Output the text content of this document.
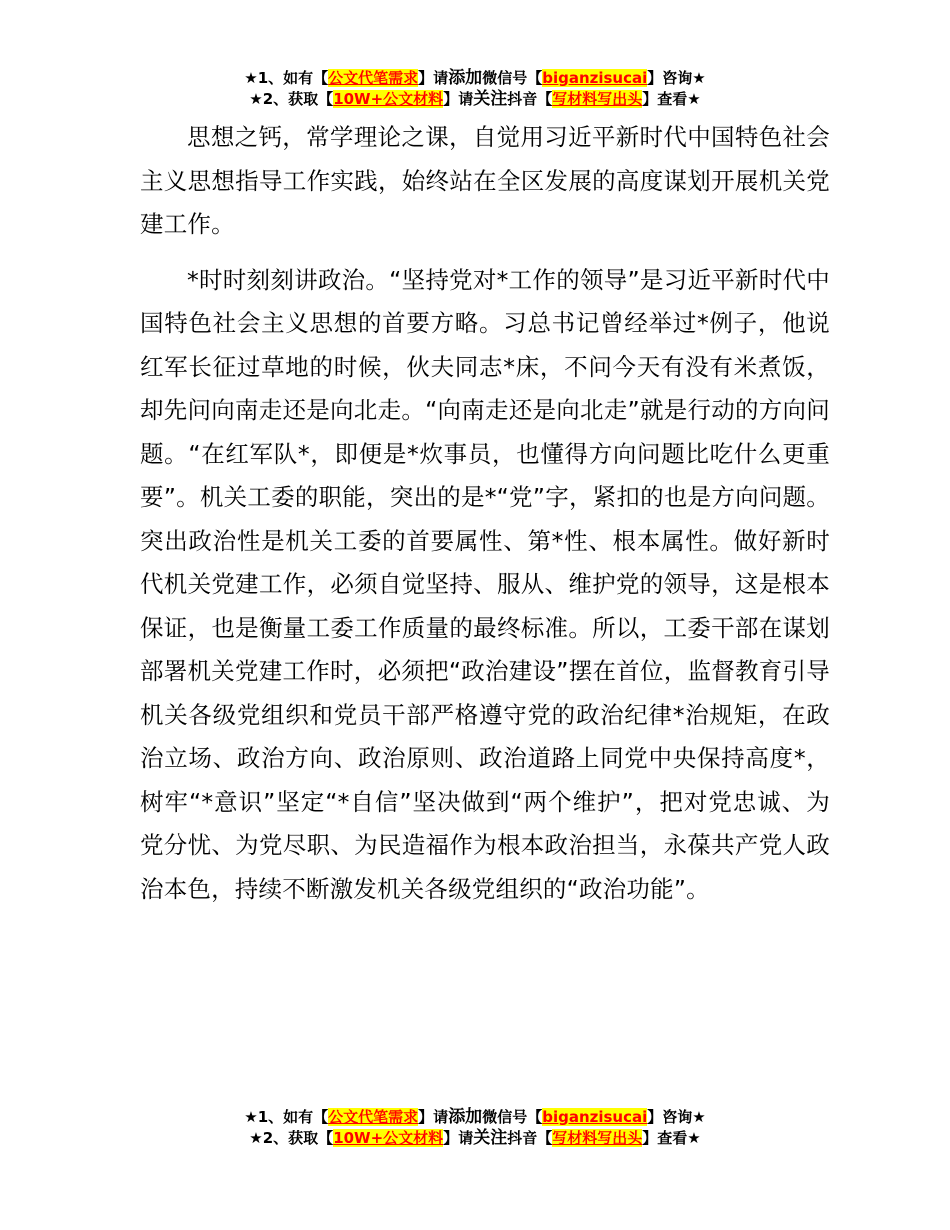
★1、如有【公文代笔需求】请添加微信号【biganzisucai】咨询★
★2、获取【10W+公文材料】请关注抖音【写材料写出头】查看★

思想之钙，常学理论之课，自觉用习近平新时代中国特色社会主义思想指导工作实践，始终站在全区发展的高度谋划开展机关党建工作。

*时时刻刻讲政治。“坚持党对*工作的领导”是习近平新时代中国特色社会主义思想的首要方略。习总书记曾经举过*例子，他说红军长征过草地的时候，伙夫同志*床，不问今天有没有米煮饭，却先问向南走还是向北走。“向南走还是向北走”就是行动的方向问题。“在红军队*，即便是*炊事员，也懂得方向问题比吃什么更重要”。机关工委的职能，突出的是*“党”字，紧扣的也是方向问题。突出政治性是机关工委的首要属性、第*性、根本属性。做好新时代机关党建工作，必须自觉坚持、服从、维护党的领导，这是根本保证，也是衡量工委工作质量的最终标准。所以，工委干部在谋划部署机关党建工作时，必须把“政治建设”摆在首位，监督教育引导机关各级党组织和党员干部严格遵守党的政治纪律*治规矩，在政治立场、政治方向、政治原则、政治道路上同党中央保持高度*，树牢“*意识”坚定“*自信”坚决做到“两个维护”，把对党忠诚、为党分忧、为党尽职、为民造福作为根本政治担当，永葆共产党人政治本色，持续不断激发机关各级党组织的“政治功能”。

★1、如有【公文代笔需求】请添加微信号【biganzisucai】咨询★
★2、获取【10W+公文材料】请关注抖音【写材料写出头】查看★
